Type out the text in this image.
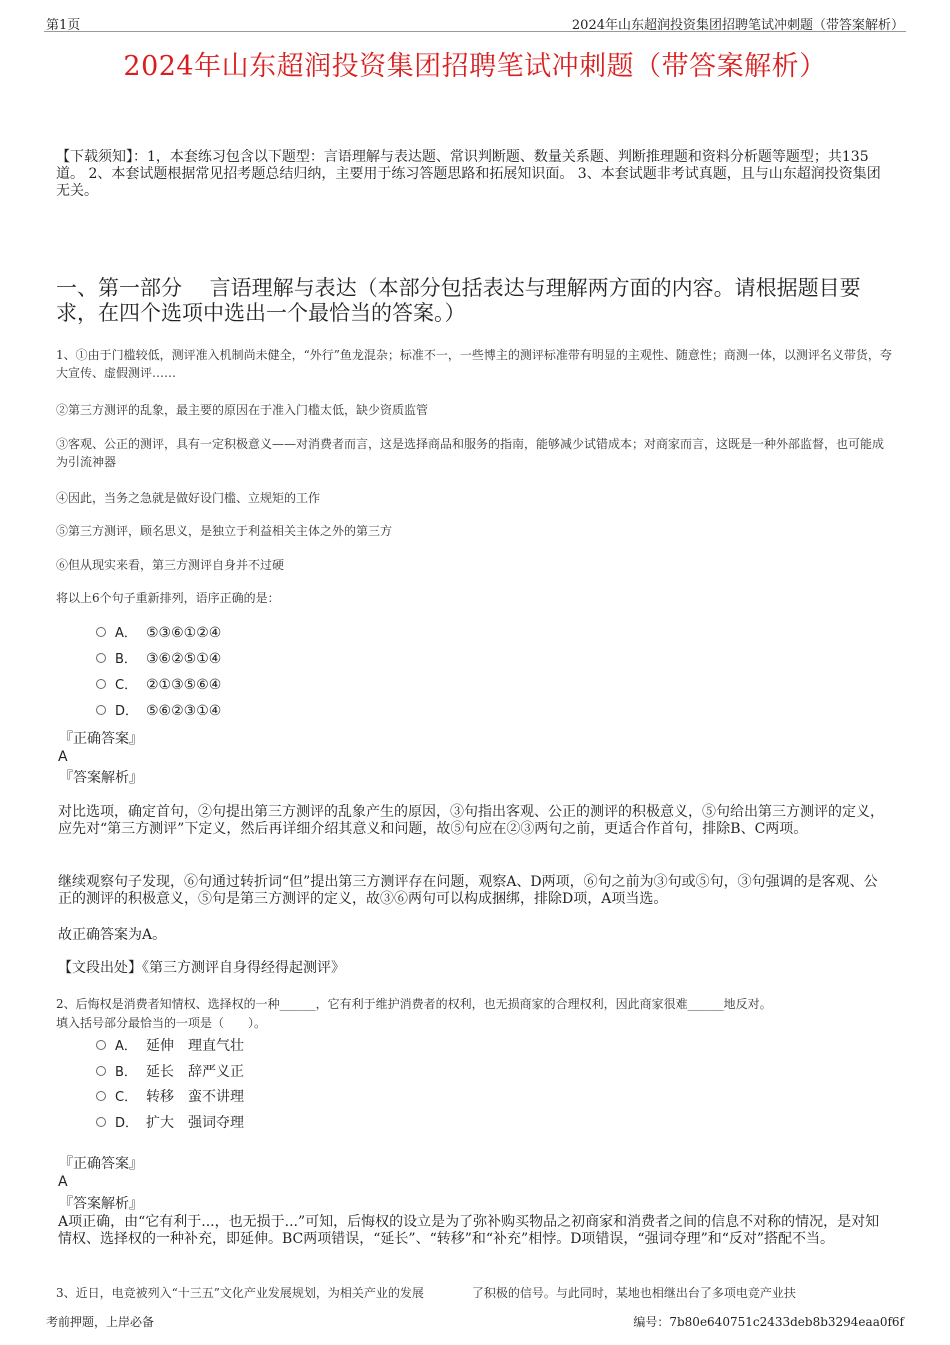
第1页	2024年山东超润投资集团招聘笔试冲刺题（带答案解析）
2024年山东超润投资集团招聘笔试冲刺题（带答案解析）
【下载须知】：1，本套练习包含以下题型：言语理解与表达题、常识判断题、数量关系题、判断推理题和资料分析题等题型；共135道。 2、本套试题根据常见招考题总结归纳，主要用于练习答题思路和拓展知识面。 3、本套试题非考试真题，且与山东超润投资集团无关。
一、第一部分　 言语理解与表达（本部分包括表达与理解两方面的内容。请根据题目要求，在四个选项中选出一个最恰当的答案。）
1、①由于门槛较低，测评准入机制尚未健全，“外行”鱼龙混杂；标准不一，一些博主的测评标准带有明显的主观性、随意性；商测一体，以测评名义带货，夸大宣传、虚假测评……
②第三方测评的乱象，最主要的原因在于准入门槛太低，缺少资质监管
③客观、公正的测评，具有一定积极意义——对消费者而言，这是选择商品和服务的指南，能够减少试错成本；对商家而言，这既是一种外部监督，也可能成为引流神器
④因此，当务之急就是做好设门槛、立规矩的工作
⑤第三方测评，顾名思义，是独立于利益相关主体之外的第三方
⑥但从现实来看，第三方测评自身并不过硬
将以上6个句子重新排列，语序正确的是：
A． ⑤③⑥①②④
B． ③⑥②⑤①④
C． ②①③⑤⑥④
D． ⑤⑥②③①④
『正确答案』
A
『答案解析』
对比选项，确定首句，②句提出第三方测评的乱象产生的原因，③句指出客观、公正的测评的积极意义，⑤句给出第三方测评的定义，应先对“第三方测评”下定义，然后再详细介绍其意义和问题，故⑤句应在②③两句之前，更适合作首句，排除B、C两项。
继续观察句子发现，⑥句通过转折词“但”提出第三方测评存在问题，观察A、D两项，⑥句之前为③句或⑤句，③句强调的是客观、公正的测评的积极意义，⑤句是第三方测评的定义，故③⑥两句可以构成捆绑，排除D项，A项当选。
故正确答案为A。
【文段出处】《第三方测评自身得经得起测评》
2、后悔权是消费者知情权、选择权的一种______，它有利于维护消费者的权利，也无损商家的合理权利，因此商家很难______地反对。
填入括号部分最恰当的一项是（　　）。
A． 延伸　理直气壮
B． 延长　辞严义正
C． 转移　蛮不讲理
D． 扩大　强词夺理
『正确答案』
A
『答案解析』
A项正确，由“它有利于...，也无损于...”可知，后悔权的设立是为了弥补购买物品之初商家和消费者之间的信息不对称的情况，是对知情权、选择权的一种补充，即延伸。BC两项错误，“延长”、“转移”和“补充”相悖。D项错误，“强词夺理”和“反对”搭配不当。
3、近日，电竞被列入“十三五”文化产业发展规划，为相关产业的发展　　　　了积极的信号。与此同时，某地也相继出台了多项电竞产业扶
考前押题，上岸必备	编号：7b80e640751c2433deb8b3294eaa0f6f
